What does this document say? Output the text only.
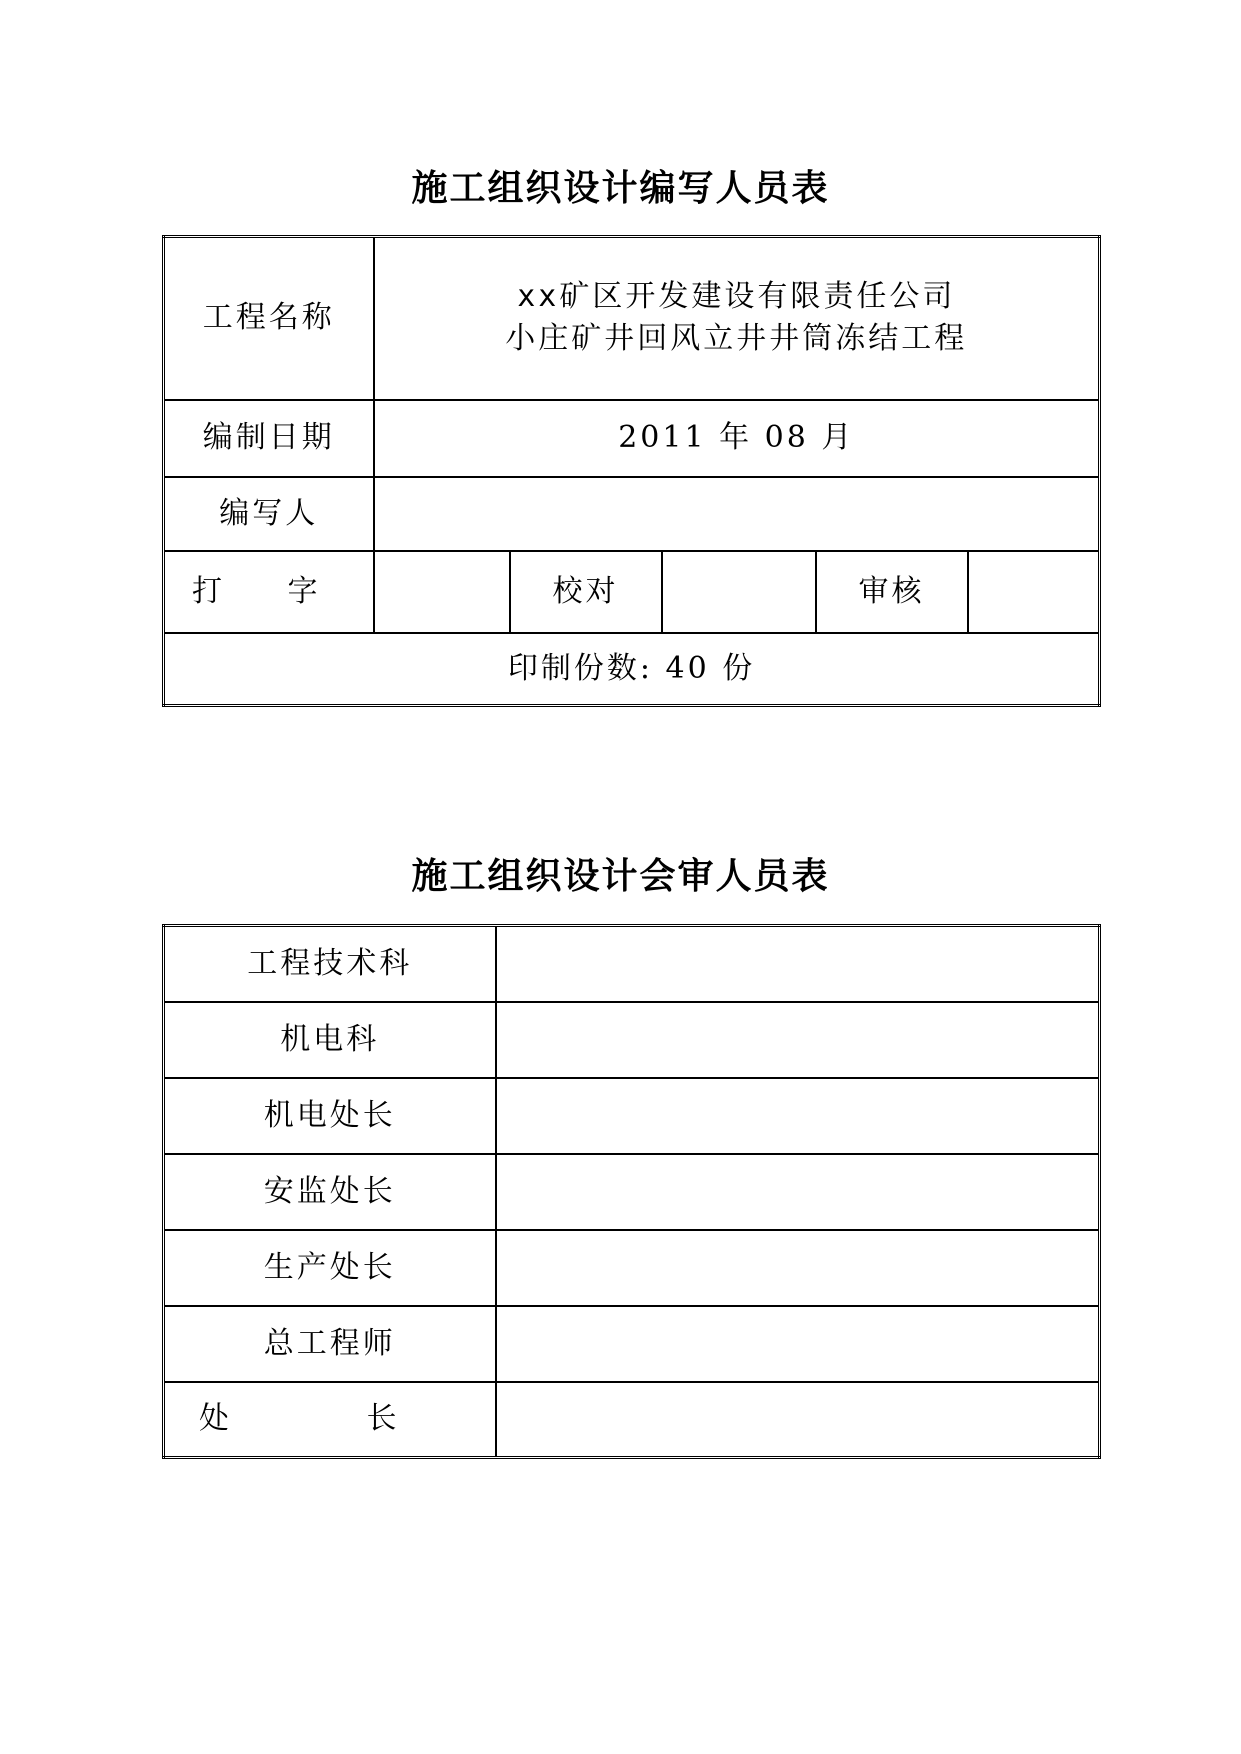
施工组织设计编写人员表
工程名称	xx矿区开发建设有限责任公司
小庄矿井回风立井井筒冻结工程				

编制日期	2011 年 08 月				
编写人					
打 字		校对		审核	
印制份数: 40 份					
施工组织设计会审人员表
工程技术科	
机电科	
机电处长	
安监处长	
生产处长	
总工程师	
处 长	
